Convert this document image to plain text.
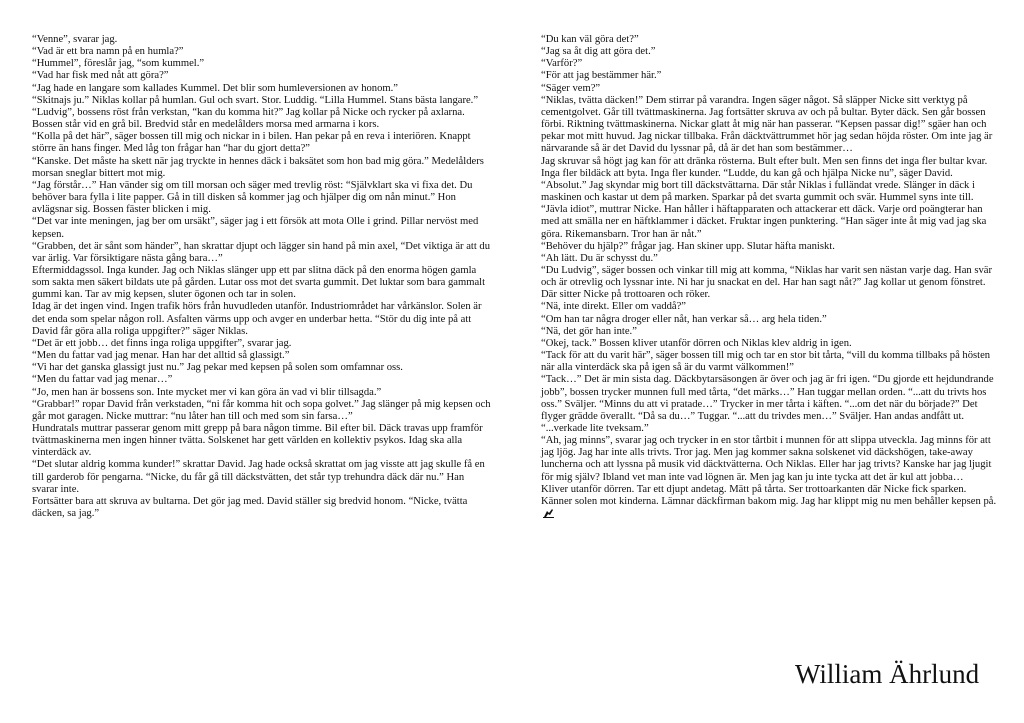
“Venne”, svarar jag.

“Vad är ett bra namn på en humla?”

“Hummel”, föreslår jag, “som kummel.”

“Vad har fisk med nåt att göra?”

“Jag hade en langare som kallades Kummel. Det blir som humleversionen av honom.”

“Skitnajs ju.” Niklas kollar på humlan. Gul och svart. Stor. Luddig. “Lilla Hummel. Stans bästa langare.”

“Ludvig”, bossens röst från verkstan, “kan du komma hit?” Jag kollar på Nicke och rycker på axlarna.

Bossen står vid en grå bil. Bredvid står en medelålders morsa med armarna i kors.

“Kolla på det här”, säger bossen till mig och nickar in i bilen. Han pekar på en reva i interiören. Knappt större än hans finger. Med låg ton frågar han “har du gjort detta?”

“Kanske. Det måste ha skett när jag tryckte in hennes däck i baksätet som hon bad mig göra.” Medelålders morsan sneglar bittert mot mig.

“Jag förstår…” Han vänder sig om till morsan och säger med trevlig röst: “Självklart ska vi fixa det. Du behöver bara fylla i lite papper. Gå in till disken så kommer jag och hjälper dig om nån minut.” Hon avlägsnar sig. Bossen fäster blicken i mig.

“Det var inte meningen, jag ber om ursäkt”, säger jag i ett försök att mota Olle i grind. Pillar nervöst med kepsen.

“Grabben, det är sånt som händer”, han skrattar djupt och lägger sin hand på min axel, “Det viktiga är att du var ärlig. Var försiktigare nästa gång bara…”

Eftermiddagssol. Inga kunder. Jag och Niklas slänger upp ett par slitna däck på den enorma högen gamla som sakta men säkert bildats ute på gården. Lutar oss mot det svarta gummit. Det luktar som bara gammalt gummi kan. Tar av mig kepsen, sluter ögonen och tar in solen.

Idag är det ingen vind. Ingen trafik hörs från huvudleden utanför. Industriområdet har vårkänslor. Solen är det enda som spelar någon roll. Asfalten värms upp och avger en underbar hetta. “Stör du dig inte på att David får göra alla roliga uppgifter?” säger Niklas.

“Det är ett jobb… det finns inga roliga uppgifter”, svarar jag.

“Men du fattar vad jag menar. Han har det alltid så glassigt.”

“Vi har det ganska glassigt just nu.” Jag pekar med kepsen på solen som omfamnar oss.

“Men du fattar vad jag menar…”

“Jo, men han är bossens son. Inte mycket mer vi kan göra än vad vi blir tillsagda.”

“Grabbar!” ropar David från verkstaden, “ni får komma hit och sopa golvet.” Jag slänger på mig kepsen och går mot garagen. Nicke muttrar: “nu låter han till och med som sin farsa…”

Hundratals muttrar passerar genom mitt grepp på bara någon timme. Bil efter bil. Däck travas upp framför tvättmaskinerna men ingen hinner tvätta. Solskenet har gett världen en kollektiv psykos. Idag ska alla vinterdäck av.

“Det slutar aldrig komma kunder!” skrattar David. Jag hade också skrattat om jag visste att jag skulle få en till garderob för pengarna. “Nicke, du får gå till däckstvätten, det står typ trehundra däck där nu.” Han svarar inte.

Fortsätter bara att skruva av bultarna. Det gör jag med. David ställer sig bredvid honom. “Nicke, tvätta däcken, sa jag.”

“Du kan väl göra det?”

“Jag sa åt dig att göra det.”

“Varför?”

“För att jag bestämmer här.”

“Säger vem?”

“Niklas, tvätta däcken!” Dem stirrar på varandra. Ingen säger något. Så släpper Nicke sitt verktyg på cementgolvet. Går till tvättmaskinerna. Jag fortsätter skruva av och på bultar. Byter däck. Sen går bossen förbi. Riktning tvättmaskinerna. Nickar glatt åt mig när han passerar. “Kepsen passar dig!” sgäer han och pekar mot mitt huvud. Jag nickar tillbaka. Från däcktvättrummet hör jag sedan höjda röster. Om inte jag är närvarande så är det David du lyssnar på, då är det han som bestämmer…

Jag skruvar så högt jag kan för att dränka rösterna. Bult efter bult. Men sen finns det inga fler bultar kvar. Inga fler bildäck att byta. Inga fler kunder. “Ludde, du kan gå och hjälpa Nicke nu”, säger David.

“Absolut.” Jag skyndar mig bort till däckstvättarna. Där står Niklas i fulländat vrede. Slänger in däck i maskinen och kastar ut dem på marken. Sparkar på det svarta gummit och svär. Hummel syns inte till.

“Jävla idiot”, muttrar Nicke. Han håller i häftapparaten och attackerar ett däck. Varje ord poängterar han med att smälla ner en häftklammer i däcket. Fruktar ingen punktering. “Han säger inte åt mig vad jag ska göra. Rikemansbarn. Tror han är nåt.”

“Behöver du hjälp?” frågar jag. Han skiner upp. Slutar häfta maniskt.

“Ah lätt. Du är schysst du.”

“Du Ludvig”, säger bossen och vinkar till mig att komma, “Niklas har varit sen nästan varje dag. Han svär och är otrevlig och lyssnar inte. Ni har ju snackat en del. Har han sagt nåt?” Jag kollar ut genom fönstret. Där sitter Nicke på trottoaren och röker.

“Nä, inte direkt. Eller om vaddå?”

“Om han tar några droger eller nåt, han verkar så… arg hela tiden.”

“Nä, det gör han inte.”

“Okej, tack.” Bossen kliver utanför dörren och Niklas klev aldrig in igen.

“Tack för att du varit här”, säger bossen till mig och tar en stor bit tårta, “vill du komma tillbaks på hösten när alla vinterdäck ska på igen så är du varmt välkommen!”

“Tack…” Det är min sista dag. Däckbytarsäsongen är över och jag är fri igen. “Du gjorde ett hejdundrande jobb”, bossen trycker munnen full med tårta, “det märks…” Han tuggar mellan orden. “...att du trivts hos oss.” Sväljer. “Minns du att vi pratade…” Trycker in mer tårta i käften. “...om det när du började?” Det flyger grädde överallt. “Då sa du…” Tuggar. “...att du trivdes men…” Sväljer. Han andas andfått ut. “...verkade lite tveksam.”

“Ah, jag minns”, svarar jag och trycker in en stor tårtbit i munnen för att slippa utveckla. Jag minns för att jag ljög. Jag har inte alls trivts. Tror jag. Men jag kommer sakna solskenet vid däckshögen, take-away luncherna och att lyssna på musik vid däcktvätterna. Och Niklas. Eller har jag trivts? Kanske har jag ljugit för mig själv? Ibland vet man inte vad lögnen är. Men jag kan ju inte tycka att det är kul att jobba…

Kliver utanför dörren. Tar ett djupt andetag. Mätt på tårta. Ser trottoarkanten där Nicke fick sparken. Känner solen mot kinderna. Lämnar däckfirman bakom mig. Jag har klippt mig nu men behåller kepsen på.

William Ährlund
